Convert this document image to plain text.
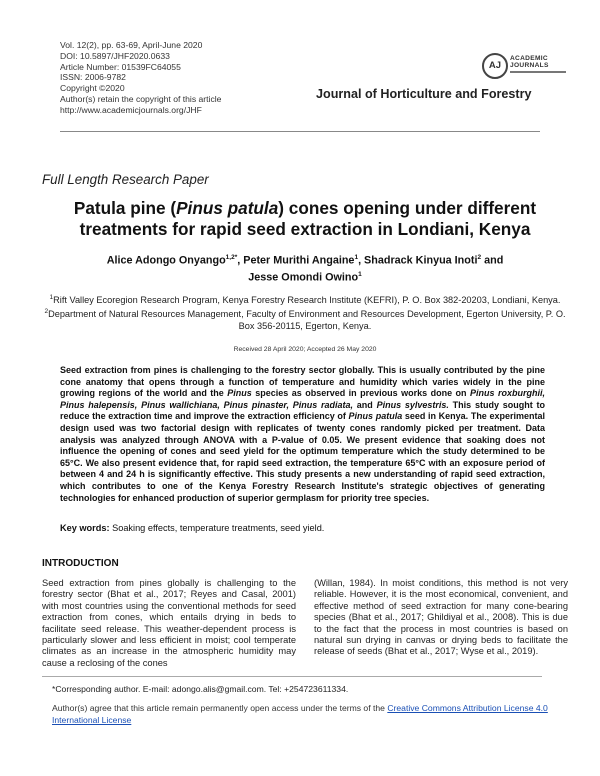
Vol. 12(2), pp. 63-69, April-June 2020
DOI: 10.5897/JHF2020.0633
Article Number: 01539FC64055
ISSN: 2006-9782
Copyright ©2020
Author(s) retain the copyright of this article
http://www.academicjournals.org/JHF
AJ
ACADEMIC
JOURNALS
Journal of Horticulture and Forestry
Full Length Research Paper
Patula pine (Pinus patula) cones opening under different treatments for rapid seed extraction in Londiani, Kenya
Alice Adongo Onyango$^{1,2*}$, Peter Murithi Angaine$^1$, Shadrack Kinyua Inoti$^2$ and
Jesse Omondi Owino$^1$
$^1$Rift Valley Ecoregion Research Program, Kenya Forestry Research Institute (KEFRI), P. O. Box 382-20203, Londiani, Kenya.
$^2$Department of Natural Resources Management, Faculty of Environment and Resources Development, Egerton University, P. O. Box 356-20115, Egerton, Kenya.
Received 28 April 2020; Accepted 26 May 2020
Seed extraction from pines is challenging to the forestry sector globally. This is usually contributed by the pine cone anatomy that opens through a function of temperature and humidity which varies widely in the pine growing regions of the world and the Pinus species as observed in previous works done on Pinus roxburghii, Pinus halepensis, Pinus wallichiana, Pinus pinaster, Pinus radiata, and Pinus sylvestris. This study sought to reduce the extraction time and improve the extraction efficiency of Pinus patula seed in Kenya. The experimental design used was two factorial design with replicates of twenty cones randomly picked per treatment. Data analysis was analyzed through ANOVA with a P-value of 0.05. We present evidence that soaking does not influence the opening of cones and seed yield for the optimum temperature which the study determined to be 65°C. We also present evidence that, for rapid seed extraction, the temperature 65°C with an exposure period of between 4 and 24 h is significantly effective. This study presents a new understanding of rapid seed extraction, which contributes to one of the Kenya Forestry Research Institute's strategic objectives of generating technologies for enhanced production of superior germplasm for priority tree species.
Key words: Soaking effects, temperature treatments, seed yield.
INTRODUCTION
Seed extraction from pines globally is challenging to the forestry sector (Bhat et al., 2017; Reyes and Casal, 2001) with most countries using the conventional methods for seed extraction from cones, which entails drying in beds to facilitate seed release. This weather-dependent process is particularly slower and less efficient in moist; cool temperate climates as an increase in the atmospheric humidity may cause a reclosing of the cones
(Willan, 1984). In moist conditions, this method is not very reliable. However, it is the most economical, convenient, and effective method of seed extraction for many cone-bearing species (Bhat et al., 2017; Ghildiyal et al., 2008). This is due to the fact that the process in most countries is based on natural sun drying in canvas or drying beds to facilitate the release of seeds (Bhat et al., 2017; Wyse et al., 2019).
*Corresponding author. E-mail: adongo.alis@gmail.com. Tel: +254723611334.
Author(s) agree that this article remain permanently open access under the terms of the Creative Commons Attribution License 4.0 International License
